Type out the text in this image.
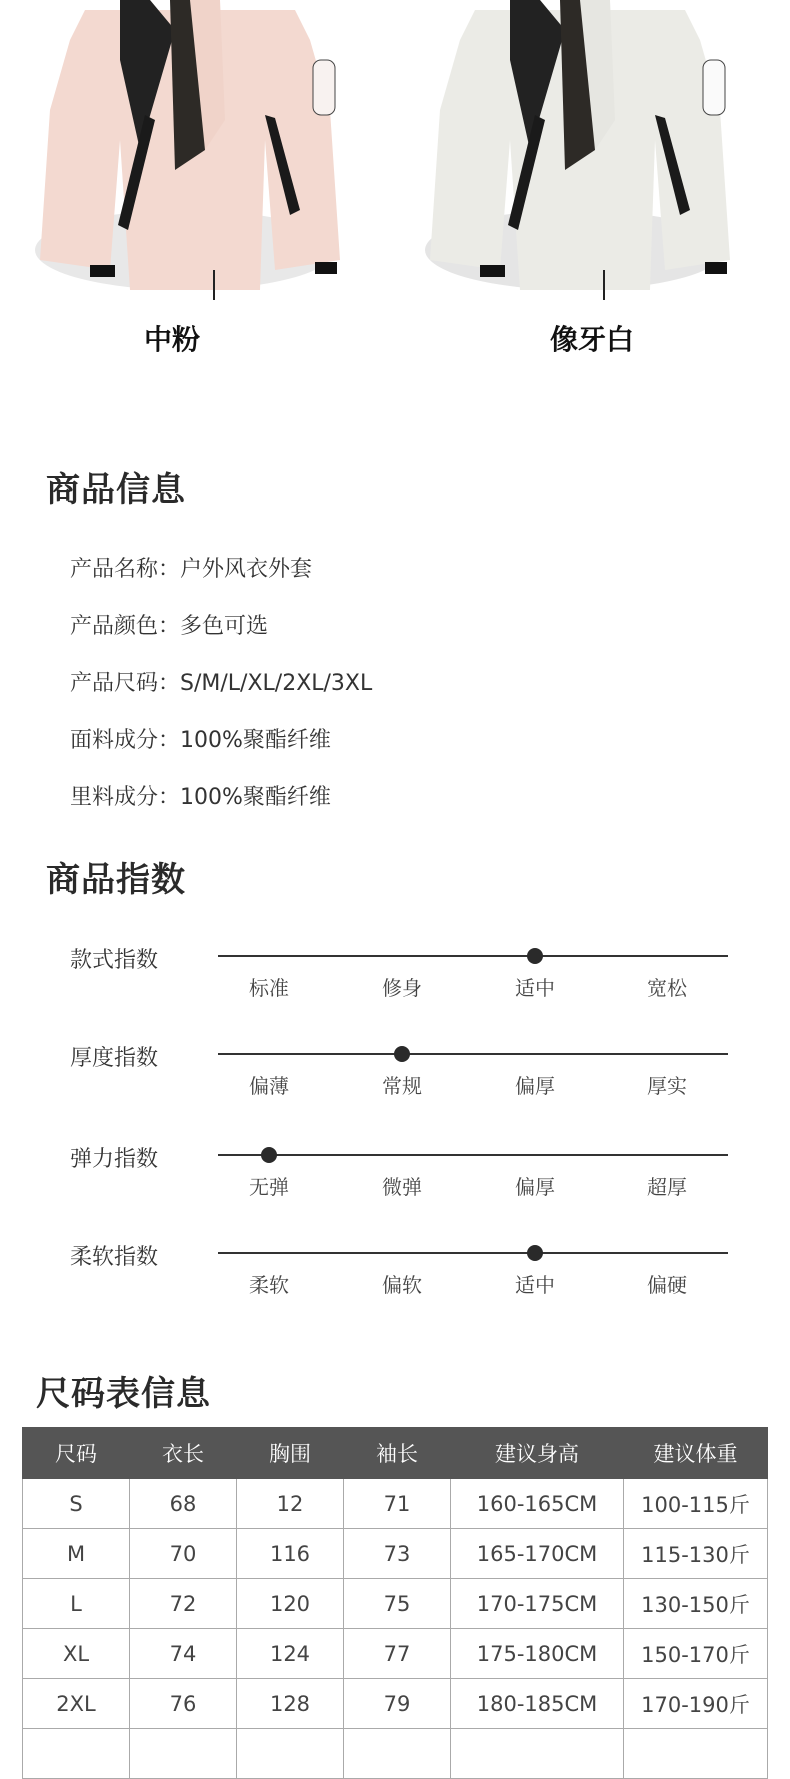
中粉	像牙白
商品信息
产品名称：户外风衣外套
产品颜色：多色可选
产品尺码：S/M/L/XL/2XL/3XL
面料成分：100%聚酯纤维
里料成分：100%聚酯纤维
商品指数
款式指数
标准	修身	适中	宽松
厚度指数
偏薄	常规	偏厚	厚实
弹力指数
无弹	微弹	偏厚	超厚
柔软指数
柔软	偏软	适中	偏硬
尺码表信息
尺码	衣长	胸围	袖长	建议身高	建议体重
S	68	12	71	160-165CM	100-115斤
M	70	116	73	165-170CM	115-130斤
L	72	120	75	170-175CM	130-150斤
XL	74	124	77	175-180CM	150-170斤
2XL	76	128	79	180-185CM	170-190斤
